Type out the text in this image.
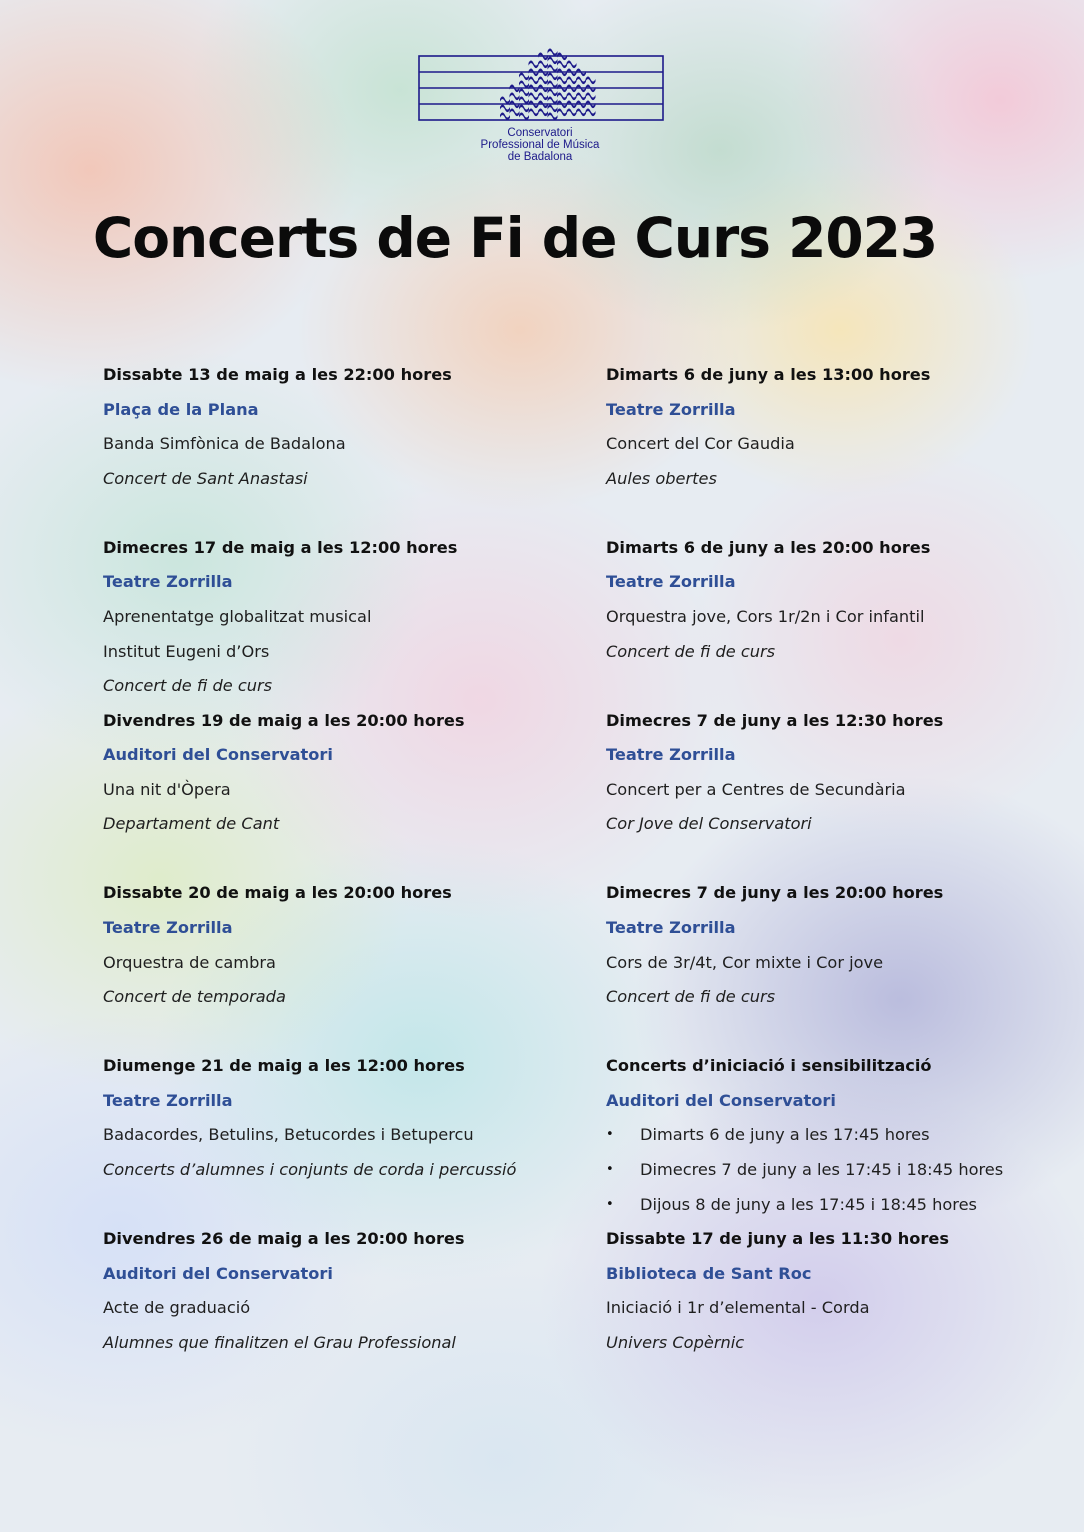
Conservatori
Professional de Música
de Badalona
Concerts de Fi de Curs 2023
Dissabte 13 de maig a les 22:00 hores
Plaça de la Plana
Banda Simfònica de Badalona
Concert de Sant Anastasi
Dimecres 17 de maig a les 12:00 hores
Teatre Zorrilla
Aprenentatge globalitzat musical
Institut Eugeni d’Ors
Concert de fi de curs
Divendres 19 de maig a les 20:00 hores
Auditori del Conservatori
Una nit d'Òpera
Departament de Cant
Dissabte 20 de maig a les 20:00 hores
Teatre Zorrilla
Orquestra de cambra
Concert de temporada
Diumenge 21 de maig a les 12:00 hores
Teatre Zorrilla
Badacordes, Betulins, Betucordes i Betupercu
Concerts d’alumnes i conjunts de corda i percussió
Divendres 26 de maig a les 20:00 hores
Auditori del Conservatori
Acte de graduació
Alumnes que finalitzen el Grau Professional
Dimarts 6 de juny a les 13:00 hores
Teatre Zorrilla
Concert del Cor Gaudia
Aules obertes
Dimarts 6 de juny a les 20:00 hores
Teatre Zorrilla
Orquestra jove, Cors 1r/2n i Cor infantil
Concert de fi de curs
Dimecres 7 de juny a les 12:30 hores
Teatre Zorrilla
Concert per a Centres de Secundària
Cor Jove del Conservatori
Dimecres 7 de juny a les 20:00 hores
Teatre Zorrilla
Cors de 3r/4t, Cor mixte i Cor jove
Concert de fi de curs
Concerts d’iniciació i sensibilització
Auditori del Conservatori
• Dimarts 6 de juny a les 17:45 hores
• Dimecres 7 de juny a les 17:45 i 18:45 hores
• Dijous 8 de juny a les 17:45 i 18:45 hores
Dissabte 17 de juny a les 11:30 hores
Biblioteca de Sant Roc
Iniciació i 1r d’elemental - Corda
Univers Copèrnic
